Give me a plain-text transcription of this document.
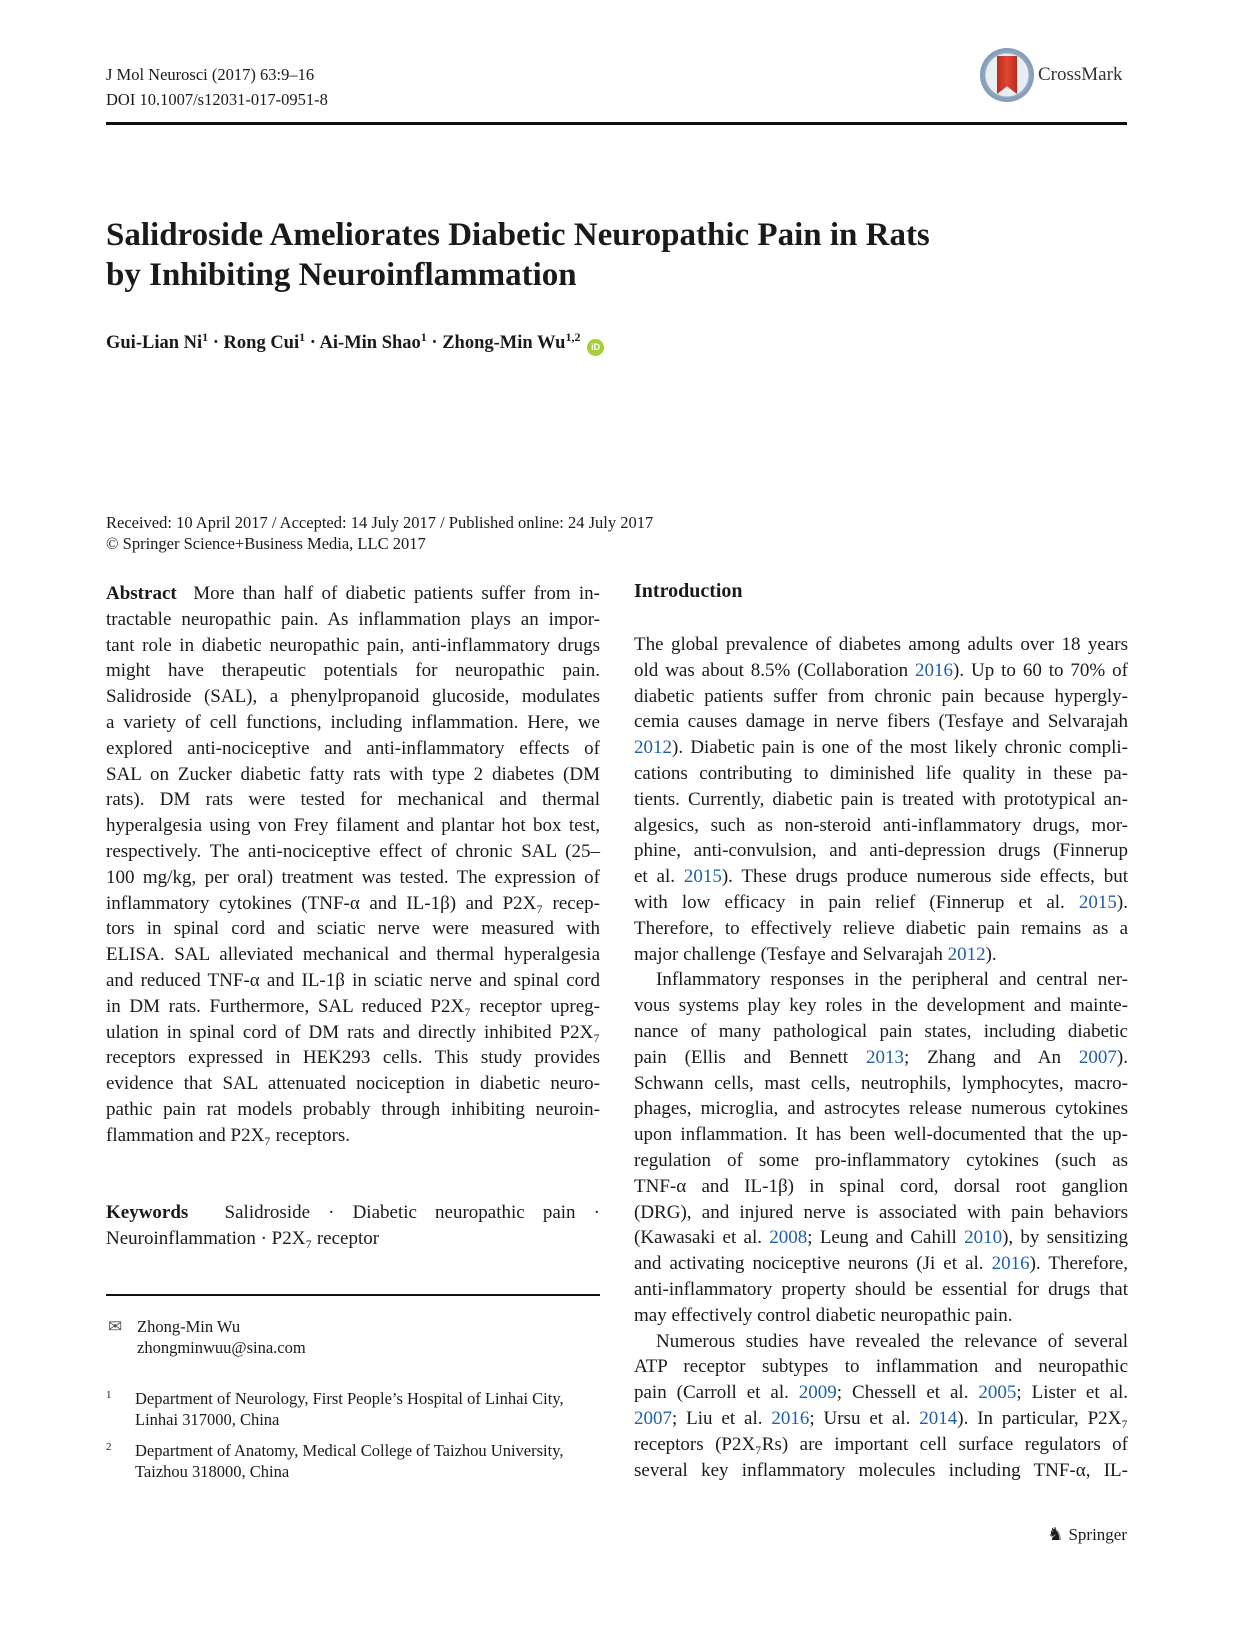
J Mol Neurosci (2017) 63:9–16
DOI 10.1007/s12031-017-0951-8
CrossMark
Salidroside Ameliorates Diabetic Neuropathic Pain in Rats
by Inhibiting Neuroinflammation
Gui-Lian $Ni^1$ · Rong Cui$^1$ · Ai-Min Shao$^1$ · Zhong-Min Wu$^{1,2}$ iD
Received: 10 April 2017 / Accepted: 14 July 2017 / Published online: 24 July 2017
© Springer Science+Business Media, LLC 2017
Abstract More than half of diabetic patients suffer from in-
tractable neuropathic pain. As inflammation plays an impor-
tant role in diabetic neuropathic pain, anti-inflammatory drugs
might have therapeutic potentials for neuropathic pain.
Salidroside (SAL), a phenylpropanoid glucoside, modulates
a variety of cell functions, including inflammation. Here, we
explored anti-nociceptive and anti-inflammatory effects of
SAL on Zucker diabetic fatty rats with type 2 diabetes (DM
rats). DM rats were tested for mechanical and thermal
hyperalgesia using von Frey filament and plantar hot box test,
respectively. The anti-nociceptive effect of chronic SAL (25–
100 mg/kg, per oral) treatment was tested. The expression of
inflammatory cytokines (TNF-α and IL-1β) and P2X₇ recep-
tors in spinal cord and sciatic nerve were measured with
ELISA. SAL alleviated mechanical and thermal hyperalgesia
and reduced TNF-α and IL-1β in sciatic nerve and spinal cord
in DM rats. Furthermore, SAL reduced P2X₇ receptor upreg-
ulation in spinal cord of DM rats and directly inhibited P2X₇
receptors expressed in HEK293 cells. This study provides
evidence that SAL attenuated nociception in diabetic neuro-
pathic pain rat models probably through inhibiting neuroin-
flammation and P2X₇ receptors.
Keywords Salidroside · Diabetic neuropathic pain ·
Neuroinflammation · P2X₇ receptor
✉ Zhong-Min Wu
zhongminwuu@sina.com
1	Department of Neurology, First People’s Hospital of Linhai City,
Linhai 317000, China
2	Department of Anatomy, Medical College of Taizhou University,
Taizhou 318000, China
Introduction
The global prevalence of diabetes among adults over 18 years
old was about 8.5% (Collaboration 2016). Up to 60 to 70% of
diabetic patients suffer from chronic pain because hypergly-
cemia causes damage in nerve fibers (Tesfaye and Selvarajah
2012). Diabetic pain is one of the most likely chronic compli-
cations contributing to diminished life quality in these pa-
tients. Currently, diabetic pain is treated with prototypical an-
algesics, such as non-steroid anti-inflammatory drugs, mor-
phine, anti-convulsion, and anti-depression drugs (Finnerup
et al. 2015). These drugs produce numerous side effects, but
with low efficacy in pain relief (Finnerup et al. 2015).
Therefore, to effectively relieve diabetic pain remains as a
major challenge (Tesfaye and Selvarajah 2012).
Inflammatory responses in the peripheral and central ner-
vous systems play key roles in the development and mainte-
nance of many pathological pain states, including diabetic
pain (Ellis and Bennett 2013; Zhang and An 2007).
Schwann cells, mast cells, neutrophils, lymphocytes, macro-
phages, microglia, and astrocytes release numerous cytokines
upon inflammation. It has been well-documented that the up-
regulation of some pro-inflammatory cytokines (such as
TNF-α and IL-1β) in spinal cord, dorsal root ganglion
(DRG), and injured nerve is associated with pain behaviors
(Kawasaki et al. 2008; Leung and Cahill 2010), by sensitizing
and activating nociceptive neurons (Ji et al. 2016). Therefore,
anti-inflammatory property should be essential for drugs that
may effectively control diabetic neuropathic pain.
Numerous studies have revealed the relevance of several
ATP receptor subtypes to inflammation and neuropathic
pain (Carroll et al. 2009; Chessell et al. 2005; Lister et al.
2007; Liu et al. 2016; Ursu et al. 2014). In particular, P2X₇
receptors (P2X₇Rs) are important cell surface regulators of
several key inflammatory molecules including TNF-α, IL-
♞ Springer
